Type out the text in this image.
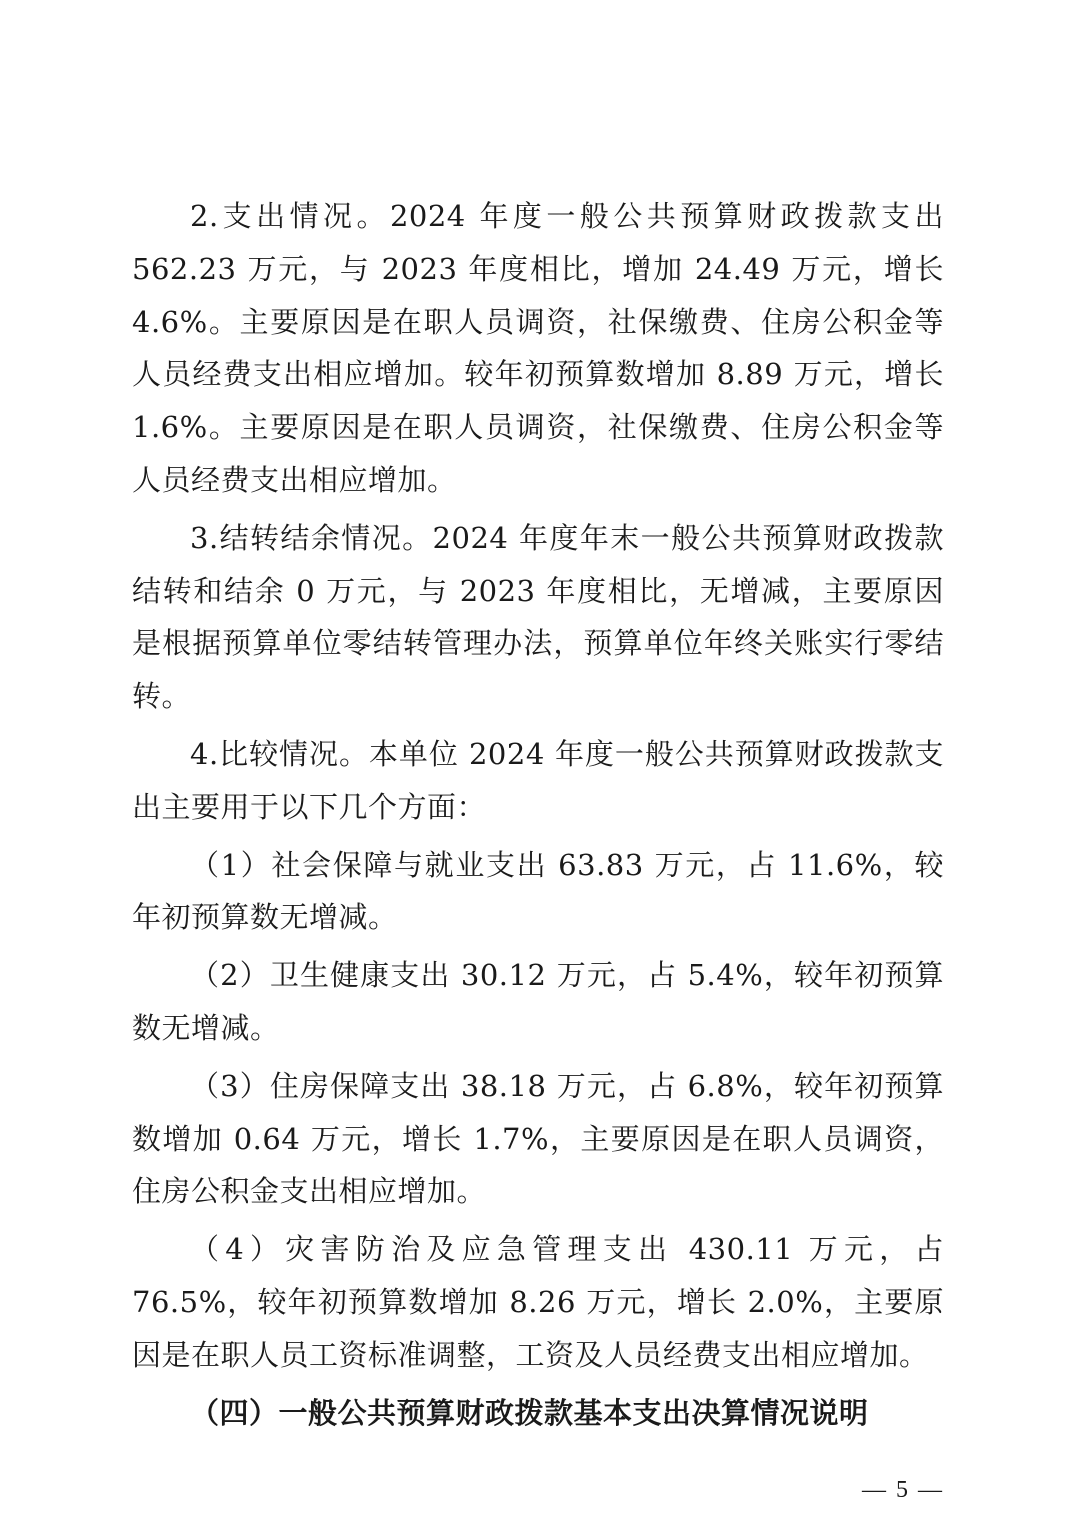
2.支出情况。2024 年度一般公共预算财政拨款支出 562.23 万元，与 2023 年度相比，增加 24.49 万元，增长 4.6%。主要原因是在职人员调资，社保缴费、住房公积金等人员经费支出相应增加。较年初预算数增加 8.89 万元，增长 1.6%。主要原因是在职人员调资，社保缴费、住房公积金等人员经费支出相应增加。

3.结转结余情况。2024 年度年末一般公共预算财政拨款结转和结余 0 万元，与 2023 年度相比，无增减，主要原因是根据预算单位零结转管理办法，预算单位年终关账实行零结转。

4.比较情况。本单位 2024 年度一般公共预算财政拨款支出主要用于以下几个方面：

（1）社会保障与就业支出 63.83 万元，占 11.6%，较年初预算数无增减。

（2）卫生健康支出 30.12 万元，占 5.4%，较年初预算数无增减。

（3）住房保障支出 38.18 万元，占 6.8%，较年初预算数增加 0.64 万元，增长 1.7%，主要原因是在职人员调资，住房公积金支出相应增加。

（4）灾害防治及应急管理支出 430.11 万元，占 76.5%，较年初预算数增加 8.26 万元，增长 2.0%，主要原因是在职人员工资标准调整，工资及人员经费支出相应增加。

（四）一般公共预算财政拨款基本支出决算情况说明

— 5 —
